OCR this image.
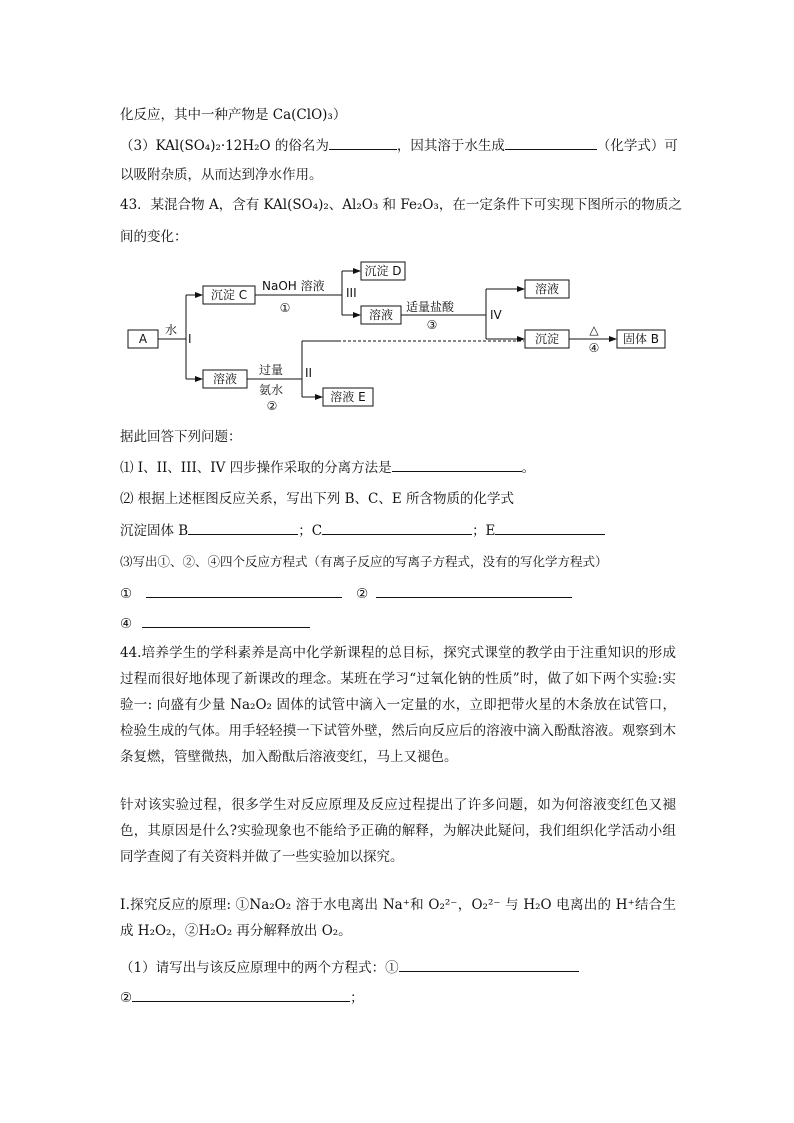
化反应，其中一种产物是 Ca(ClO)₃）
（3）KAl(SO₄)₂·12H₂O 的俗名为	，因其溶于水生成	（化学式）可
以吸附杂质，从而达到净水作用。
43．某混合物 A，含有 KAl(SO₄)₂、Al₂O₃ 和 Fe₂O₃，在一定条件下可实现下图所示的物质之
间的变化：
A
水
I
沉淀 C
NaOH 溶液
①
III
沉淀 D
溶液
适量盐酸
③
IV
溶液
沉淀
△
④
固体 B
溶液
过量
氨水
②
II
溶液 E
据此回答下列问题：
⑴ I、II、III、IV 四步操作采取的分离方法是	。
⑵ 根据上述框图反应关系，写出下列 B、C、E 所含物质的化学式
沉淀固体 B	；C	；E
⑶写出①、②、④四个反应方程式（有离子反应的写离子方程式，没有的写化学方程式）
①	②
④
44.培养学生的学科素养是高中化学新课程的总目标，探究式课堂的教学由于注重知识的形成过程而很好地体现了新课改的理念。某班在学习“过氧化钠的性质”时，做了如下两个实验:实验一: 向盛有少量 Na₂O₂ 固体的试管中滴入一定量的水，立即把带火星的木条放在试管口，检验生成的气体。用手轻轻摸一下试管外壁，然后向反应后的溶液中滴入酚酞溶液。观察到木条复燃，管壁微热，加入酚酞后溶液变红，马上又褪色。
针对该实验过程，很多学生对反应原理及反应过程提出了许多问题，如为何溶液变红色又褪色，其原因是什么?实验现象也不能给予正确的解释，为解决此疑问，我们组织化学活动小组同学查阅了有关资料并做了一些实验加以探究。
Ⅰ.探究反应的原理: ①Na₂O₂ 溶于水电离出 Na⁺和 O₂²⁻，O₂²⁻ 与 H₂O 电离出的 H⁺结合生成 H₂O₂，②H₂O₂ 再分解释放出 O₂。
（1）请写出与该反应原理中的两个方程式：①
②	；
